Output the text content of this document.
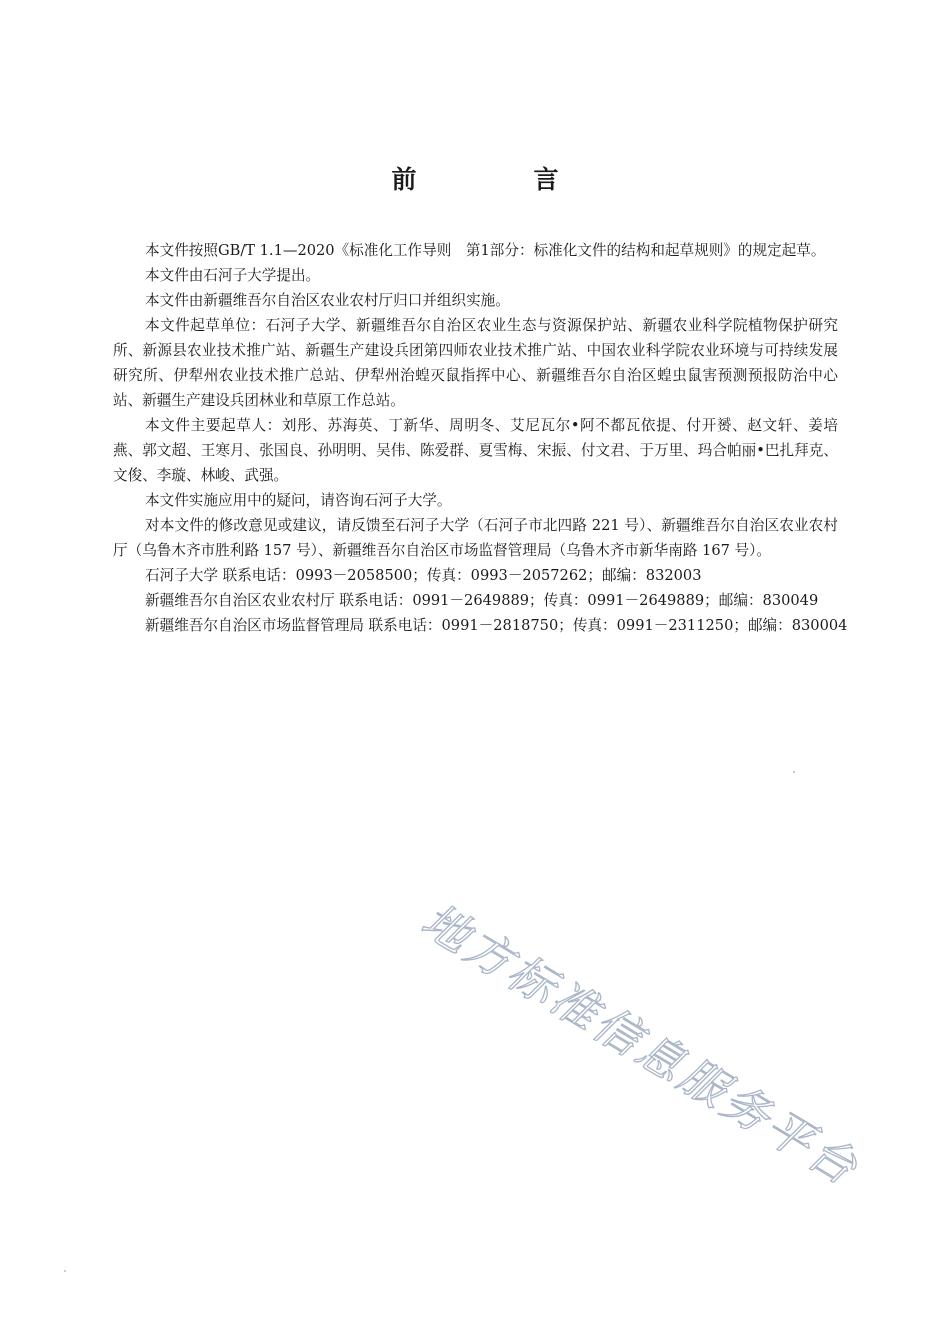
前　言

本文件按照GB/T 1.1—2020《标准化工作导则　第1部分：标准化文件的结构和起草规则》的规定起草。

本文件由石河子大学提出。

本文件由新疆维吾尔自治区农业农村厅归口并组织实施。

本文件起草单位：石河子大学、新疆维吾尔自治区农业生态与资源保护站、新疆农业科学院植物保护研究所、新源县农业技术推广站、新疆生产建设兵团第四师农业技术推广站、中国农业科学院农业环境与可持续发展研究所、伊犁州农业技术推广总站、伊犁州治蝗灭鼠指挥中心、新疆维吾尔自治区蝗虫鼠害预测预报防治中心站、新疆生产建设兵团林业和草原工作总站。

本文件主要起草人：刘彤、苏海英、丁新华、周明冬、艾尼瓦尔•阿不都瓦依提、付开赟、赵文轩、姜培燕、郭文超、王寒月、张国良、孙明明、吴伟、陈爱群、夏雪梅、宋振、付文君、于万里、玛合帕丽•巴扎拜克、文俊、李璇、林峻、武强。

本文件实施应用中的疑问，请咨询石河子大学。

对本文件的修改意见或建议，请反馈至石河子大学（石河子市北四路 221 号）、新疆维吾尔自治区农业农村厅（乌鲁木齐市胜利路 157 号）、新疆维吾尔自治区市场监督管理局（乌鲁木齐市新华南路 167 号）。

石河子大学 联系电话：0993－2058500；传真：0993－2057262；邮编：832003

新疆维吾尔自治区农业农村厅 联系电话：0991－2649889；传真：0991－2649889；邮编：830049

新疆维吾尔自治区市场监督管理局 联系电话：0991－2818750；传真：0991－2311250；邮编：830004

地方标准信息服务平台
